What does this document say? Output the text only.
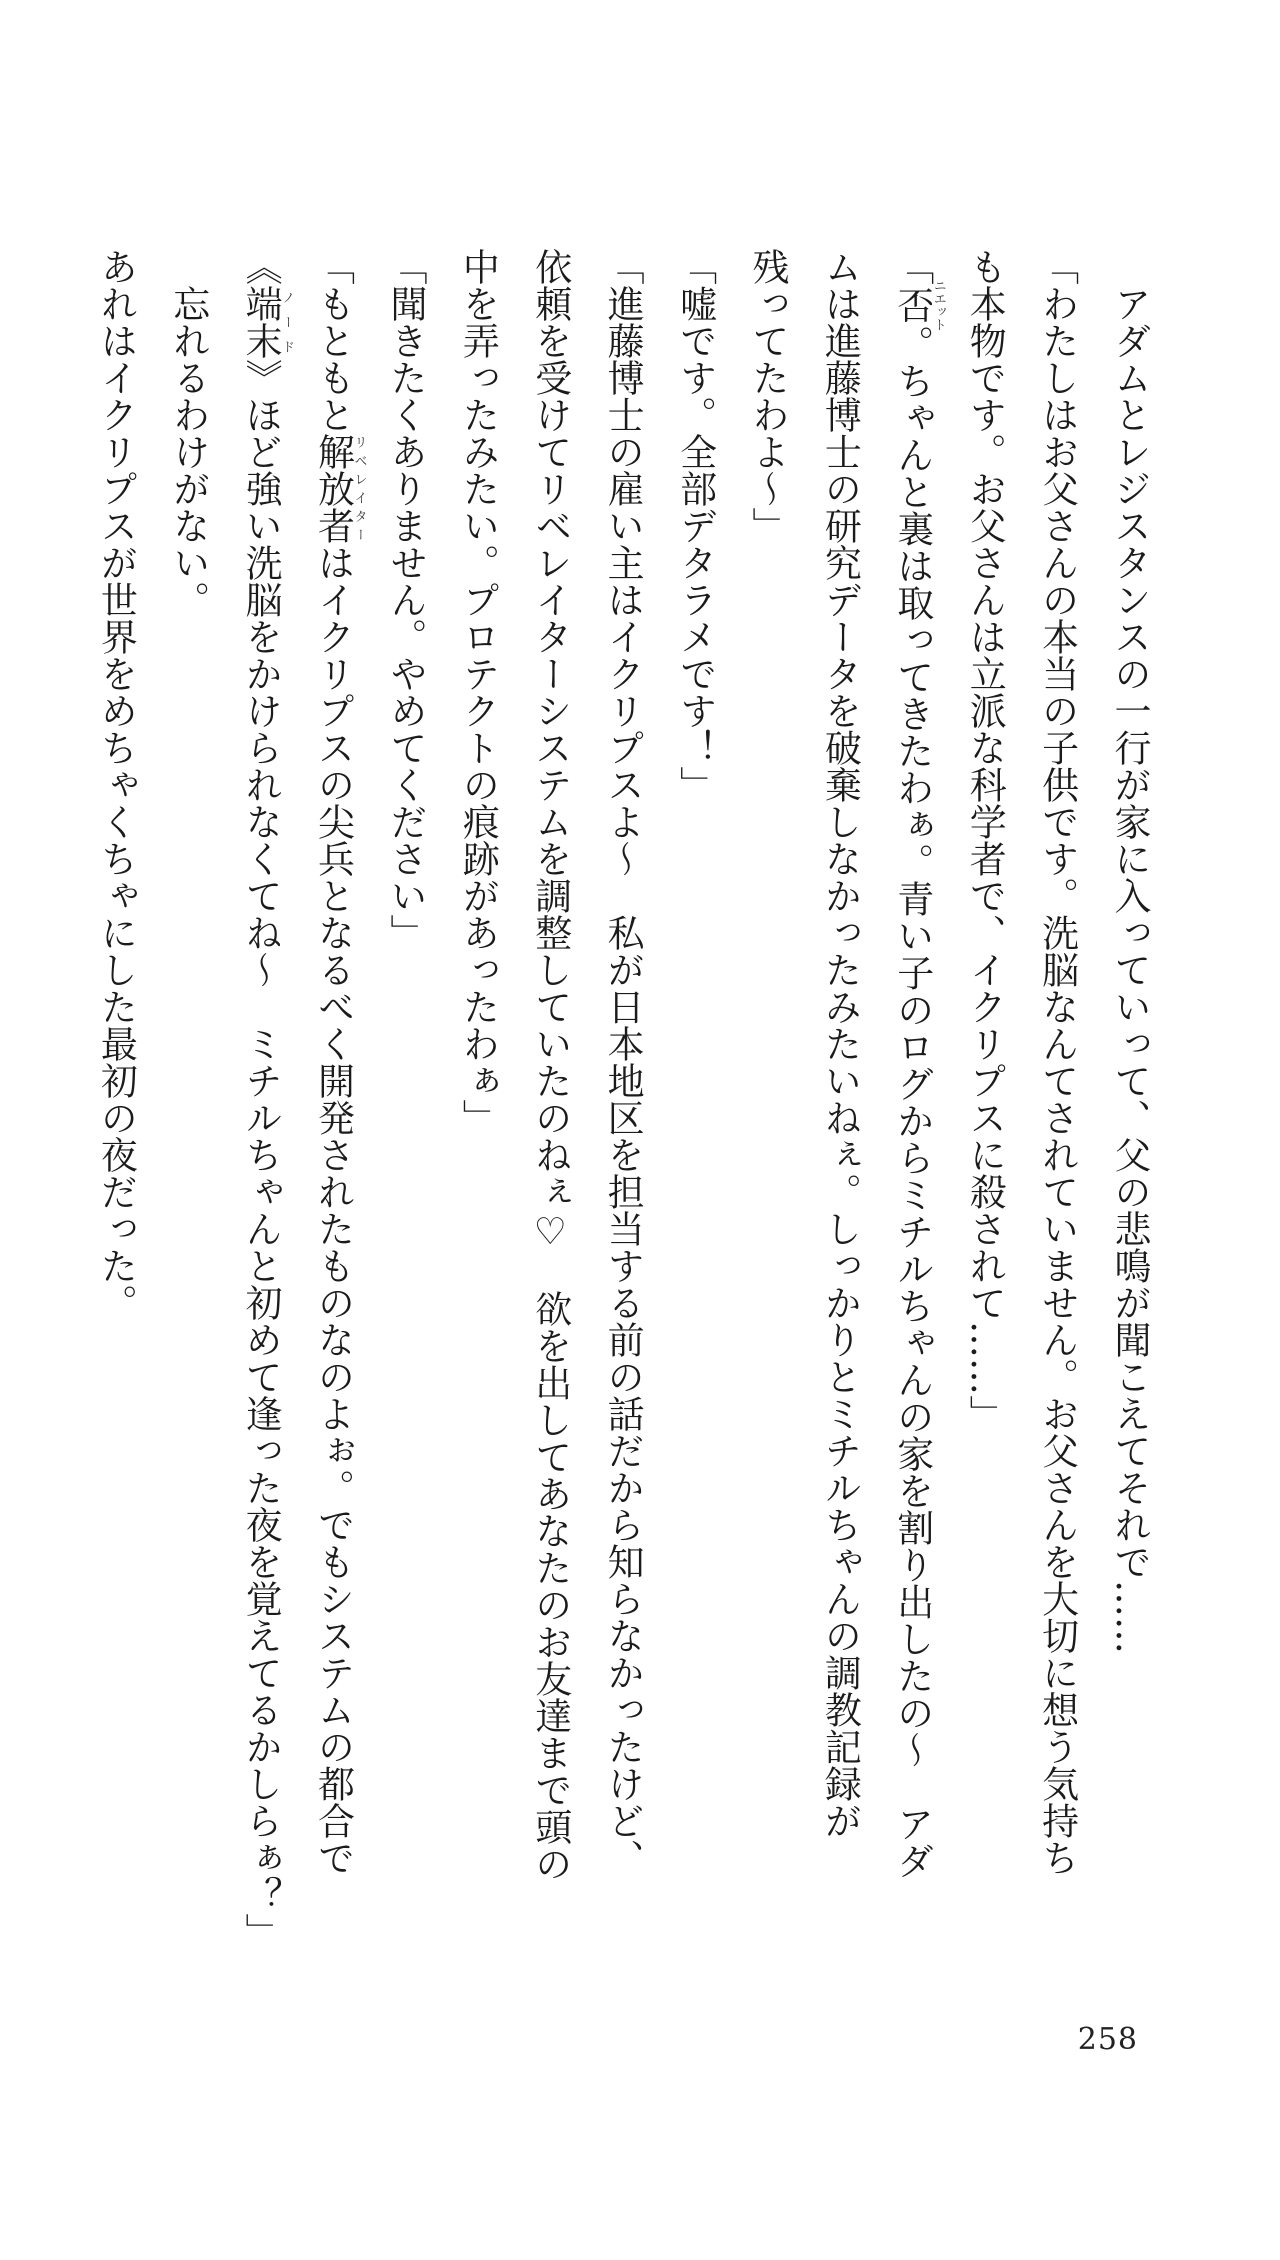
アダムとレジスタンスの一行が家に入っていって、父の悲鳴が聞こえてそれで……
「わたしはお父さんの本当の子供です。洗脳なんてされていません。お父さんを大切に想う気持ち
も本物です。お父さんは立派な科学者で、イクリプスに殺されて……」
「否ニエット。ちゃんと裏は取ってきたわぁ。青い子のログからミチルちゃんの家を割り出したの〜　アダ
ムは進藤博士の研究データを破棄しなかったみたいねぇ。しっかりとミチルちゃんの調教記録が
残ってたわよ〜」
「嘘です。全部デタラメです！」
「進藤博士の雇い主はイクリプスよ〜　私が日本地区を担当する前の話だから知らなかったけど、
依頼を受けてリベレイターシステムを調整していたのねぇ♡　欲を出してあなたのお友達まで頭の
中を弄ったみたい。プロテクトの痕跡があったわぁ」
「聞きたくありません。やめてください」
「もともと解放者リベレイターはイクリプスの尖兵となるべく開発されたものなのよぉ。でもシステムの都合で
《端末ノード》ほど強い洗脳をかけられなくてね〜　ミチルちゃんと初めて逢った夜を覚えてるかしらぁ？」
忘れるわけがない。
あれはイクリプスが世界をめちゃくちゃにした最初の夜だった。
258
